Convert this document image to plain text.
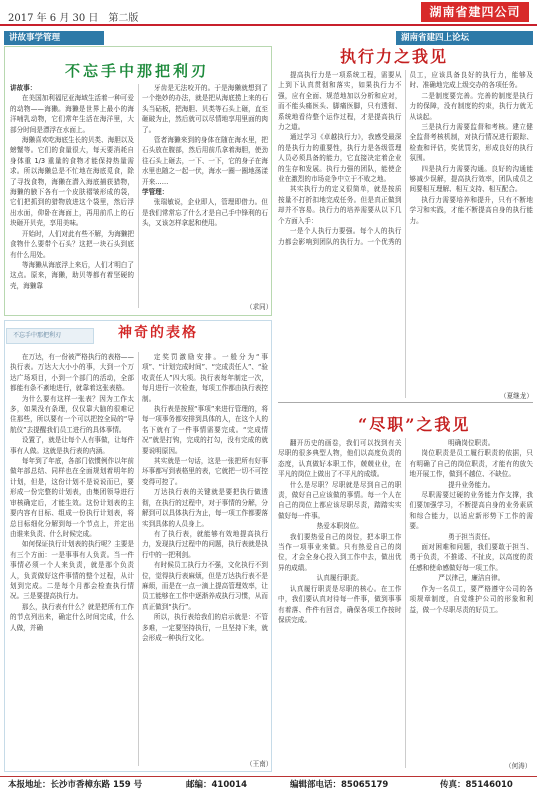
2017 年 6 月 30 日　第二版	湖南省建四公司
讲故事学管理	湖南省建四上论坛
不忘手中那把利刃

讲故事：

在美国加利福尼亚海域生活着一种可爱的动物——海獭。海獭是世界上最小的海洋哺乳动物，它们常年生活在海洋里，大部分时间是漂浮在水面上。

海獭喜欢吃海底生长的贝类、海胆以及螃蟹等。它们的食量很大，每天要消耗自身体重 1/3 重量的食物才能保持热量需求。所以海獭总是不忙地在海底觅食，除了寻找食物，海獭在潜入海底捕获猎物，海獭的腋下各有一个皮肤褶皱形成的袋，它们把抓到的猎物放进这个袋里，然后浮出水面，仰卧在海面上，再用前爪上的石块砸开贝壳，享用美味。

开始时，人们对此有些不解，为海獭把食物什么要带个石头？这把一块石头到底有什么用处。

等海獭从海底浮上来后，人们才明白了这点。原来，海獭，助贝等都有着坚硬的壳，海獭靠

牙齿是无法咬开的。于是海獭就想到了一个绝妙的办法，就是把从海底捞上来的石头当砧板，把海胆、贝类等石头上砸，直至砸破为止，然后就可以尽情地享用里面的肉了。

管者海獭来到的身体在随在海水里，把石头放在腹部，然后用前爪拿着海胆，使劲往石头上砸去，一下、一下，它的身子在海水里也随之一起一伏，海水一圈一圈地荡漾开来……

学管理：

张瑞敏说，企业即人，管理即借力。但是我们常常忘了什么才是自己手中锋利的石头，又该怎样拿起和使用。

（求同）
不忘手中那把利刃	神奇的表格

在万达，有一份被严格执行的表格——执行表。万达大大小小的事，大到一个万达广场项目，小到一个部门的活动，全部都能有条不紊地进行，就靠着这张表格。

为什么要有这样一张表？因为工作太多，如果没有条理，仅仅靠大脑的很难记住那些，所以要有一个可以把控全局的“导航仪”去提醒我们员工进行的具体事情。

设置了，就是让每个人有事做，让每件事有人做。这就是执行表的内涵。

每年到了年底，各部门依惯例作以年前做年部总结、同样也在全面规划着明年的计划，但是，这份计划不是说说而已，要形成一份完整的计划表，由集团领导进行审核确定后，才能生效。这份计划表的主要内容有目标、组成一份执行计划表，将总目标细化分解到每一个节点上，并定出由谁来负责、什么时候完成。

如何保证执行计划表的执行呢？主要是有三个方面：一是事事有人负责。当一件事情必须一个人来负责，就是那个负责人，负责做好这件事情的整个过程，从计划到完成。二是每个月都会检查执行情况。三是要提高执行力。

那么，执行表有什么？就是把所有工作的节点列出来，确定什么时间完成，什么人做，并确

定奖罚激励安排。一般分为“事项”、“计划完成时间”、“完成责任人”、“验收责任人”四大项。执行表每年制定一次，每月进行一次检查，每项工作都由执行表控制。

执行表是按照“事项”来进行管理的，将每一项事务都安排到具体的人，在这个人的名下就有了一件事情需要完成。“完成情况”就是打钩，完成的打勾，没有完成的就要说明原因。

其实就是一句话，这是一张把所有好事坏事都写到表格里的表，它就把一切不可控变得可控了。

万达执行表的关键就是要把执行做透彻，在执行的过程中，对于事情的分解，分解到可以具体执行为止，每一项工作都要落实到具体的人员身上。

有了执行表，就能够有效地提高执行力，发现执行过程中的问题，执行表就是执行中的一把利剑。

有时候员工执行力不强，文化执行不到位，觉得执行表麻烦，但是万达执行表不是麻烦，而是在一点一滴上提高管理效率，让员工能够在工作中逐渐养成执行习惯，从而真正做到“执行”。

所以，执行表给我们的启示就是：不管多难，一定要坚持执行，一旦坚持下来，就会形成一种执行文化。

（王南）
执行力之我见

提高执行力是一项系统工程，需要从上到下认真贯彻和落实，如果执行力不强，应有全面、规范地加以分析和应对，而不能头痛医头、脚痛医脚，只有透彻、系统地看待整个运作过程，才是提高执行力之道。

通过学习《卓越执行力》，我感受最深的是执行力的重要性，执行力是各级管理人员必须具备的能力，它直接决定着企业的生存和发展。执行力强的团队，能使企业在激烈的市场竞争中立于不败之地。

其实执行力的定义很简单，就是按质按量不打折扣地完成任务。但是真正做到却并不容易。执行力的培养需要从以下几个方面入手：

一是个人执行力要强。每个人的执行力都会影响到团队的执行力。一个优秀的员工，应该具备良好的执行力，能够及时、准确地完成上级交办的各项任务。

二是制度要完善。完善的制度是执行力的保障，没有制度的约束，执行力就无从谈起。

三是执行力需要监督和考核。建立健全监督考核机制，对执行情况进行跟踪、检查和评估，奖优罚劣，形成良好的执行氛围。

四是执行力需要沟通。良好的沟通能够减少误解，提高执行效率，团队成员之间要相互理解、相互支持、相互配合。

执行力需要培养和提升，只有不断地学习和实践，才能不断提高自身的执行能力。

（夏继龙）
“尽职”之我见

翻开历史的画卷，我们可以找到有关尽职的很多典型人物，他们以高度负责的态度，认真做好本职工作，兢兢业业，在平凡的岗位上做出了不平凡的成绩。

什么是尽职？尽职就是尽到自己的职责，做好自己应该做的事情。每一个人在自己的岗位上都应该尽职尽责，踏踏实实做好每一件事。

热爱本职岗位。

我们要热爱自己的岗位，把本职工作当作一项事业来做。只有热爱自己的岗位，才会全身心投入到工作中去，做出优异的成绩。

认真履行职责。

认真履行职责是尽职的核心。在工作中，我们要认真对待每一件事，做到事事有着落、件件有回音，确保各项工作按时保质完成。

明确岗位职责。

岗位职责是员工履行职责的依据，只有明确了自己的岗位职责，才能有的放矢地开展工作，做到不越位、不缺位。

提升业务能力。

尽职需要过硬的业务能力作支撑，我们要加强学习，不断提高自身的业务素质和综合能力，以适应新形势下工作的需要。

勇于担当责任。

面对困难和问题，我们要敢于担当、勇于负责，不推诿、不扯皮，以高度的责任感和使命感做好每一项工作。

严以律己，廉洁自律。

作为一名员工，要严格遵守公司的各项规章制度，自觉维护公司的形象和利益，做一个尽职尽责的好员工。

（何涛）
本报地址：长沙市香樟东路 159 号	邮编：410014	编辑部电话：85065179	传真：85146010
